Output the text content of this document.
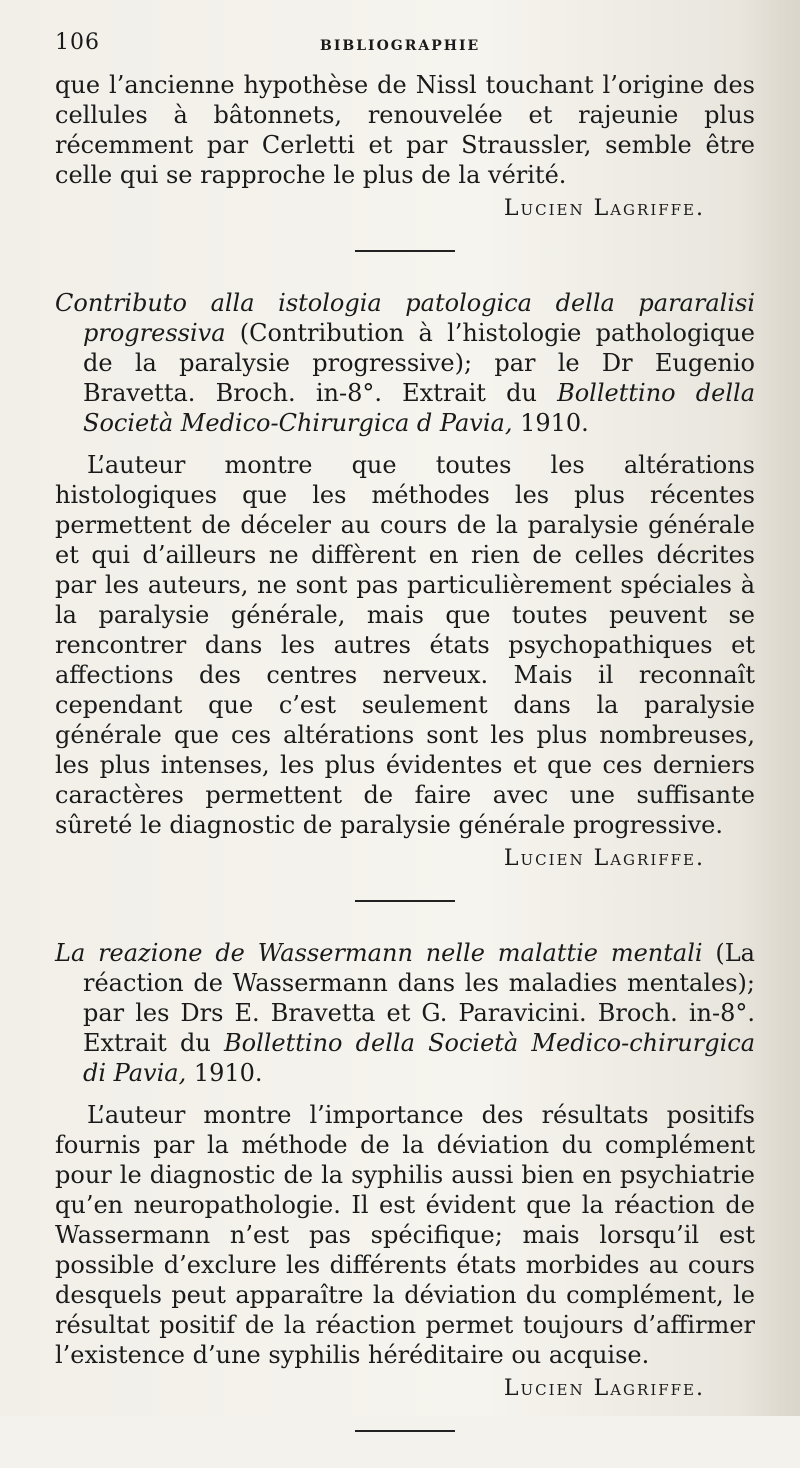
106	BIBLIOGRAPHIE

que l’ancienne hypothèse de Nissl touchant l’origine des cellules à bâtonnets, renouvelée et rajeunie plus récemment par Cerletti et par Straussler, semble être celle qui se rapproche le plus de la vérité.

Lucien Lagriffe.

Contributo alla istologia patologica della pararalisi progressiva (Contribution à l’histologie pathologique de la paralysie progressive); par le Dr Eugenio Bravetta. Broch. in-8°. Extrait du Bollettino della Società Medico-Chirurgica d Pavia, 1910.

L’auteur montre que toutes les altérations histologiques que les méthodes les plus récentes permettent de déceler au cours de la paralysie générale et qui d’ailleurs ne diffèrent en rien de celles décrites par les auteurs, ne sont pas particulièrement spéciales à la paralysie générale, mais que toutes peuvent se rencontrer dans les autres états psychopathiques et affections des centres nerveux. Mais il reconnaît cependant que c’est seulement dans la paralysie générale que ces altérations sont les plus nombreuses, les plus intenses, les plus évidentes et que ces derniers caractères permettent de faire avec une suffisante sûreté le diagnostic de paralysie générale progressive.

Lucien Lagriffe.

La reazione de Wassermann nelle malattie mentali (La réaction de Wassermann dans les maladies mentales); par les Drs E. Bravetta et G. Paravicini. Broch. in-8°. Extrait du Bollettino della Società Medico-chirurgica di Pavia, 1910.

L’auteur montre l’importance des résultats positifs fournis par la méthode de la déviation du complément pour le diagnostic de la syphilis aussi bien en psychiatrie qu’en neuropathologie. Il est évident que la réaction de Wassermann n’est pas spécifique; mais lorsqu’il est possible d’exclure les différents états morbides au cours desquels peut apparaître la déviation du complément, le résultat positif de la réaction permet toujours d’affirmer l’existence d’une syphilis héréditaire ou acquise.

Lucien Lagriffe.
